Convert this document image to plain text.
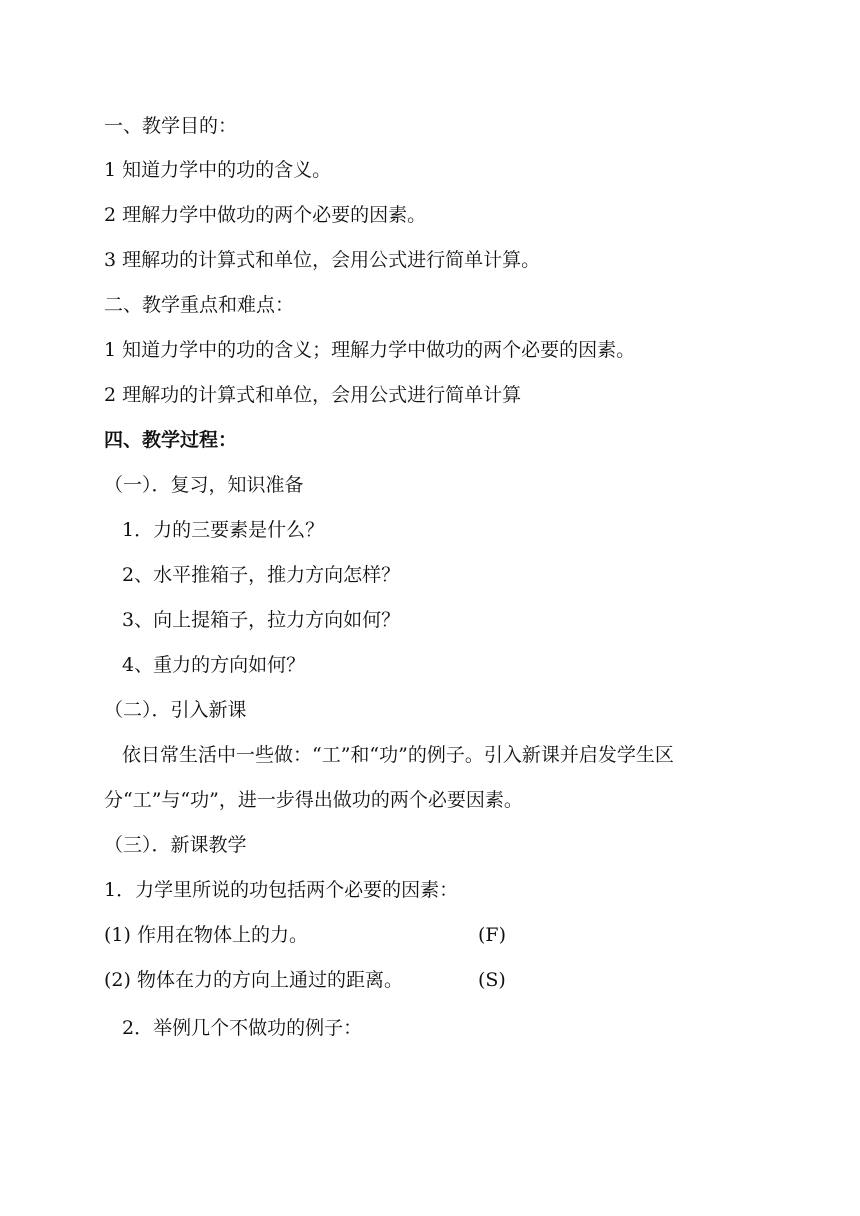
一、教学目的：
1 知道力学中的功的含义。
2 理解力学中做功的两个必要的因素。
3 理解功的计算式和单位，会用公式进行简单计算。
二、教学重点和难点：
1 知道力学中的功的含义；理解力学中做功的两个必要的因素。
2 理解功的计算式和单位，会用公式进行简单计算
四、教学过程：
（一）．复习，知识准备
1．力的三要素是什么？
2、水平推箱子，推力方向怎样？
3、向上提箱子，拉力方向如何？
4、重力的方向如何？
（二）．引入新课
依日常生活中一些做：“工”和“功”的例子。引入新课并启发学生区
分“工”与“功”，进一步得出做功的两个必要因素。
（三）．新课教学
1．力学里所说的功包括两个必要的因素：
(1) 作用在物体上的力。	(F)
(2) 物体在力的方向上通过的距离。	(S)
2．举例几个不做功的例子：
